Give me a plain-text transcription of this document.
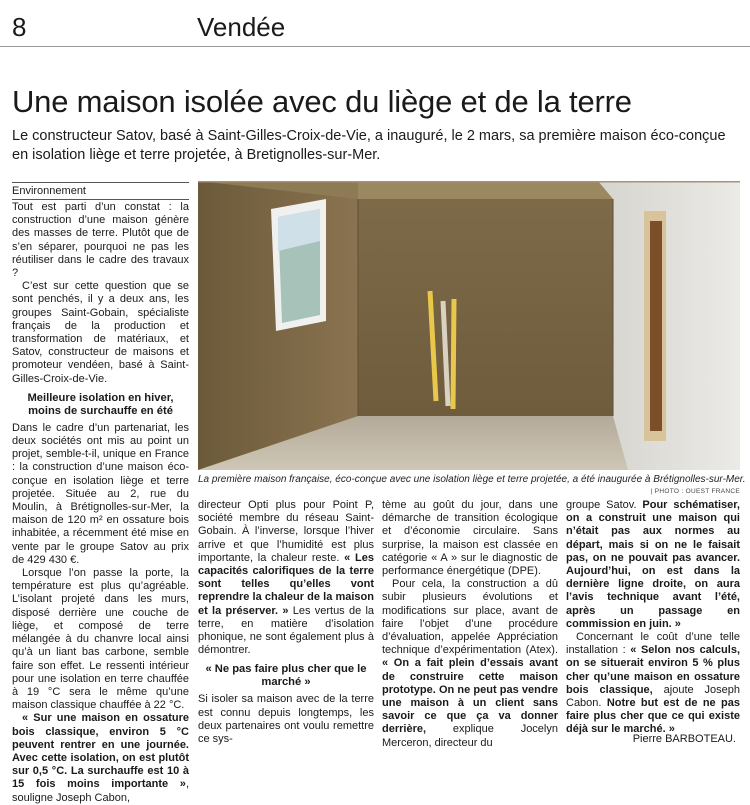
8	Vendée
Une maison isolée avec du liège et de la terre
Le constructeur Satov, basé à Saint-Gilles-Croix-de-Vie, a inauguré, le 2 mars, sa première maison éco-conçue en isolation liège et terre projetée, à Bretignolles-sur-Mer.
Environnement
La première maison française, éco-conçue avec une isolation liège et terre projetée, a été inaugurée à Brétignolles-sur-Mer.
| PHOTO : OUEST FRANCE

Tout est parti d’un constat : la construction d’une maison génère des masses de terre. Plutôt que de s’en séparer, pourquoi ne pas les réutiliser dans le cadre des travaux ?

C’est sur cette question que se sont penchés, il y a deux ans, les groupes Saint-Gobain, spécialiste français de la production et transformation de matériaux, et Satov, constructeur de maisons et promoteur vendéen, basé à Saint-Gilles-Croix-de-Vie.

Meilleure isolation en hiver, moins de surchauffe en été

Dans le cadre d’un partenariat, les deux sociétés ont mis au point un projet, semble-t-il, unique en France : la construction d’une maison éco-conçue en isolation liège et terre projetée. Située au 2, rue du Moulin, à Brétignolles-sur-Mer, la maison de 120 m² en ossature bois inhabitée, a récemment été mise en vente par le groupe Satov au prix de 429 430 €.

Lorsque l’on passe la porte, la température est plus qu’agréable. L’isolant projeté dans les murs, disposé derrière une couche de liège, et composé de terre mélangée à du chanvre local ainsi qu’à un liant bas carbone, semble faire son effet. Le ressenti intérieur pour une isolation en terre chauffée à 19 °C sera le même qu’une maison classique chauffée à 22 °C.

« Sur une maison en ossature bois classique, environ 5 °C peuvent rentrer en une journée. Avec cette isolation, on est plutôt sur 0,5 °C. La surchauffe est 10 à 15 fois moins importante », souligne Joseph Cabon,

directeur Opti plus pour Point P, société membre du réseau Saint-Gobain. À l’inverse, lorsque l’hiver arrive et que l’humidité est plus importante, la chaleur reste. « Les capacités calorifiques de la terre sont telles qu’elles vont reprendre la chaleur de la maison et la préserver. » Les vertus de la terre, en matière d’isolation phonique, ne sont également plus à démontrer.

« Ne pas faire plus cher que le marché »

Si isoler sa maison avec de la terre est connu depuis longtemps, les deux partenaires ont voulu remettre ce sys-

tème au goût du jour, dans une démarche de transition écologique et d’économie circulaire. Sans surprise, la maison est classée en catégorie « A » sur le diagnostic de performance énergétique (DPE).

Pour cela, la construction a dû subir plusieurs évolutions et modifications sur place, avant de faire l’objet d’une procédure d’évaluation, appelée Appréciation technique d’expérimentation (Atex). « On a fait plein d’essais avant de construire cette maison prototype. On ne peut pas vendre une maison à un client sans savoir ce que ça va donner derrière, explique Jocelyn Merceron, directeur du

groupe Satov. Pour schématiser, on a construit une maison qui n’était pas aux normes au départ, mais si on ne le faisait pas, on ne pouvait pas avancer. Aujourd’hui, on est dans la dernière ligne droite, on aura l’avis technique avant l’été, après un passage en commission en juin. »

Concernant le coût d’une telle installation : « Selon nos calculs, on se situerait environ 5 % plus cher qu’une maison en ossature bois classique, ajoute Joseph Cabon. Notre but est de ne pas faire plus cher que ce qui existe déjà sur le marché. »

Pierre BARBOTEAU.
